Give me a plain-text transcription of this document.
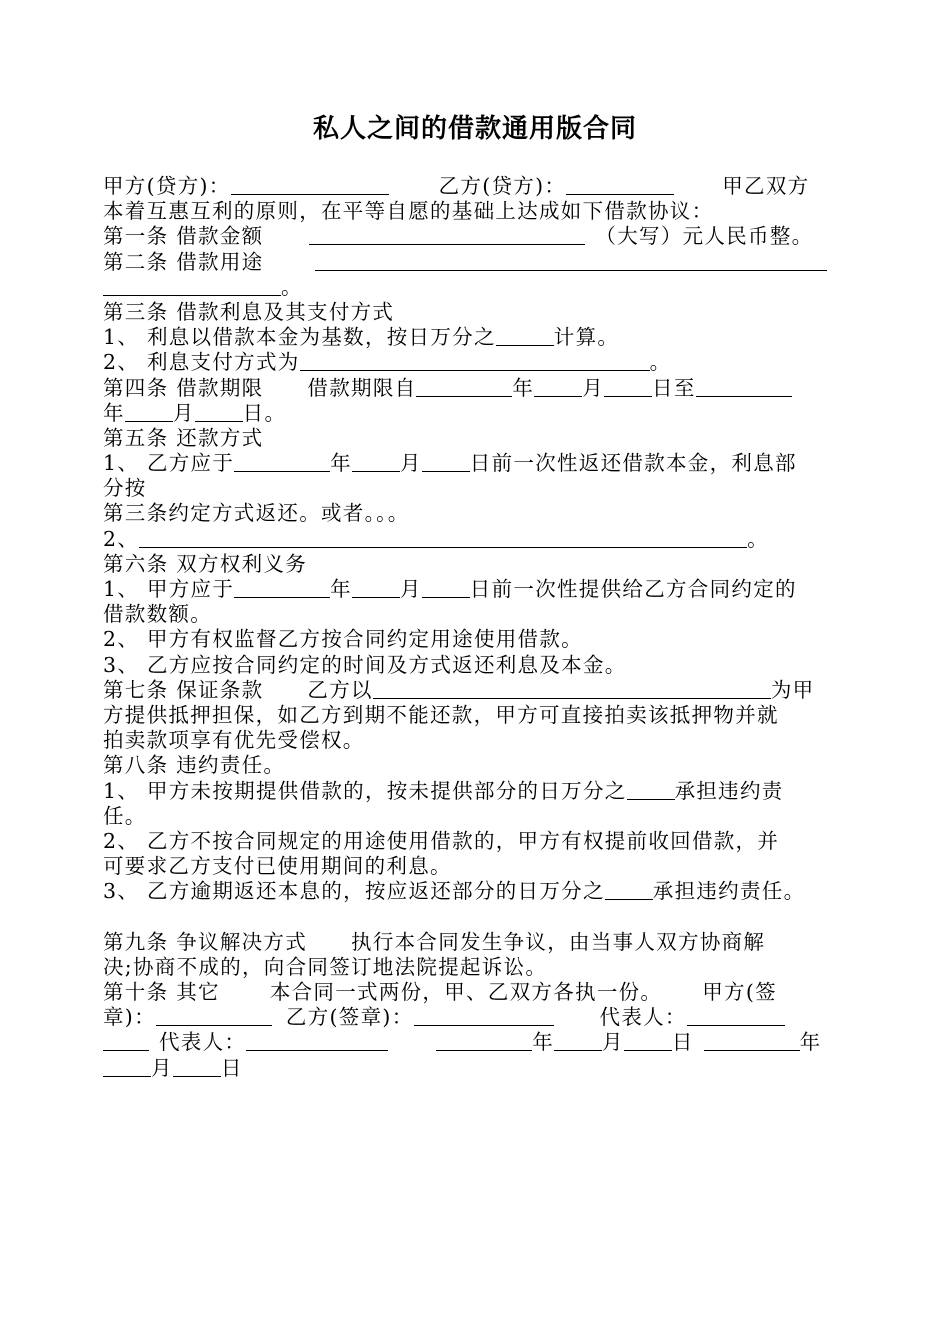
私人之间的借款通用版合同
甲方(贷方)：	乙方(贷方)：	甲乙双方
本着互惠互利的原则，在平等自愿的基础上达成如下借款协议：
第一条 借款金额	（大写）元人民币整。
第二条 借款用途
。
第三条 借款利息及其支付方式
1、 利息以借款本金为基数，按日万分之	计算。
2、 利息支付方式为	。
第四条 借款期限 借款期限自	年 月 日至
年 月 日。
第五条 还款方式
1、 乙方应于	年 月 日前一次性返还借款本金，利息部
分按
第三条约定方式返还。或者。。。
2、	。
第六条 双方权利义务
1、 甲方应于	年 月 日前一次性提供给乙方合同约定的
借款数额。
2、 甲方有权监督乙方按合同约定用途使用借款。
3、 乙方应按合同约定的时间及方式返还利息及本金。
第七条 保证条款 乙方以	为甲
方提供抵押担保，如乙方到期不能还款，甲方可直接拍卖该抵押物并就
拍卖款项享有优先受偿权。
第八条 违约责任。
1、 甲方未按期提供借款的，按未提供部分的日万分之 承担违约责
任。
2、 乙方不按合同规定的用途使用借款的，甲方有权提前收回借款，并
可要求乙方支付已使用期间的利息。
3、 乙方逾期返还本息的，按应返还部分的日万分之 承担违约责任。
第九条 争议解决方式 执行本合同发生争议，由当事人双方协商解
决;协商不成的，向合同签订地法院提起诉讼。
第十条 其它 本合同一式两份，甲、乙双方各执一份。 甲方(签
章)：	乙方(签章)：	代表人：
代表人：	年 月 日	年
月 日
